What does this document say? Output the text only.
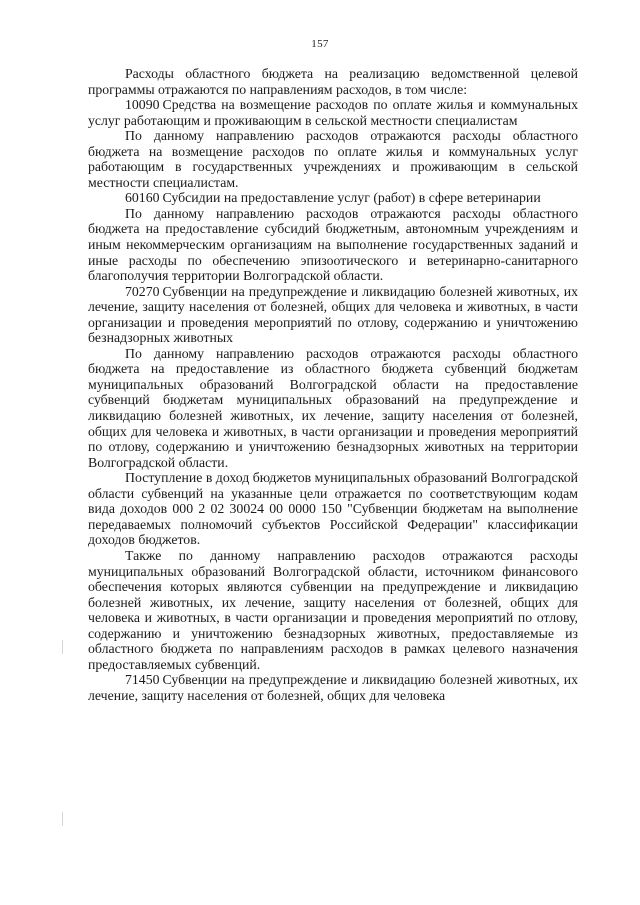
157

Расходы областного бюджета на реализацию ведомственной целевой программы отражаются по направлениям расходов, в том числе:

10090 Средства на возмещение расходов по оплате жилья и коммунальных услуг работающим и проживающим в сельской местности специалистам

По данному направлению расходов отражаются расходы областного бюджета на возмещение расходов по оплате жилья и коммунальных услуг работающим в государственных учреждениях и проживающим в сельской местности специалистам.

60160 Субсидии на предоставление услуг (работ) в сфере ветеринарии

По данному направлению расходов отражаются расходы областного бюджета на предоставление субсидий бюджетным, автономным учреждениям и иным некоммерческим организациям на выполнение государственных заданий и иные расходы по обеспечению эпизоотического и ветеринарно-санитарного благополучия территории Волгоградской области.

70270 Субвенции на предупреждение и ликвидацию болезней животных, их лечение, защиту населения от болезней, общих для человека и животных, в части организации и проведения мероприятий по отлову, содержанию и уничтожению безнадзорных животных

По данному направлению расходов отражаются расходы областного бюджета на предоставление из областного бюджета субвенций бюджетам муниципальных образований Волгоградской области на предоставление субвенций бюджетам муниципальных образований на предупреждение и ликвидацию болезней животных, их лечение, защиту населения от болезней, общих для человека и животных, в части организации и проведения мероприятий по отлову, содержанию и уничтожению безнадзорных животных на территории Волгоградской области.

Поступление в доход бюджетов муниципальных образований Волгоградской области субвенций на указанные цели отражается по соответствующим кодам вида доходов 000 2 02 30024 00 0000 150 "Субвенции бюджетам на выполнение передаваемых полномочий субъектов Российской Федерации" классификации доходов бюджетов.

Также по данному направлению расходов отражаются расходы муниципальных образований Волгоградской области, источником финансового обеспечения которых являются субвенции на предупреждение и ликвидацию болезней животных, их лечение, защиту населения от болезней, общих для человека и животных, в части организации и проведения мероприятий по отлову, содержанию и уничтожению безнадзорных животных, предоставляемые из областного бюджета по направлениям расходов в рамках целевого назначения предоставляемых субвенций.

71450 Субвенции на предупреждение и ликвидацию болезней животных, их лечение, защиту населения от болезней, общих для человека
